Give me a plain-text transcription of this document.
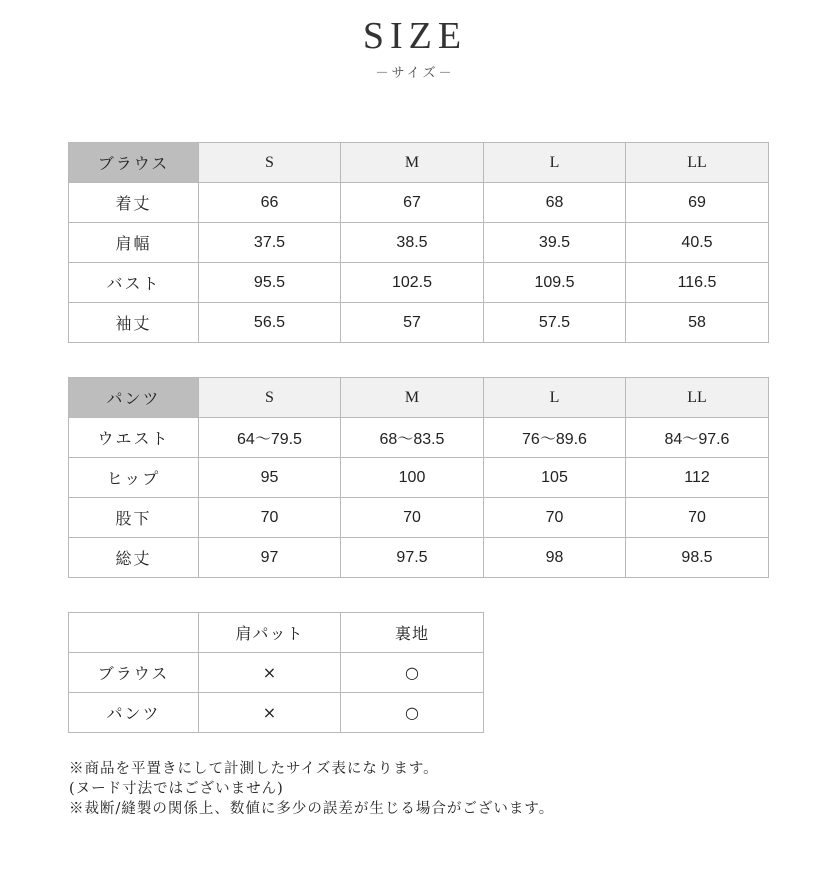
SIZE
－サイズ－
ブラウス	S	M	L	LL
着丈	66	67	68	69
肩幅	37.5	38.5	39.5	40.5
バスト	95.5	102.5	109.5	116.5
袖丈	56.5	57	57.5	58
パンツ	S	M	L	LL
ウエスト	64〜79.5	68〜83.5	76〜89.6	84〜97.6
ヒップ	95	100	105	112
股下	70	70	70	70
総丈	97	97.5	98	98.5
	肩パット	裏地
ブラウス	×	○
パンツ	×	○
※商品を平置きにして計測したサイズ表になります。
(ヌード寸法ではございません)
※裁断/縫製の関係上、数値に多少の誤差が生じる場合がございます。
